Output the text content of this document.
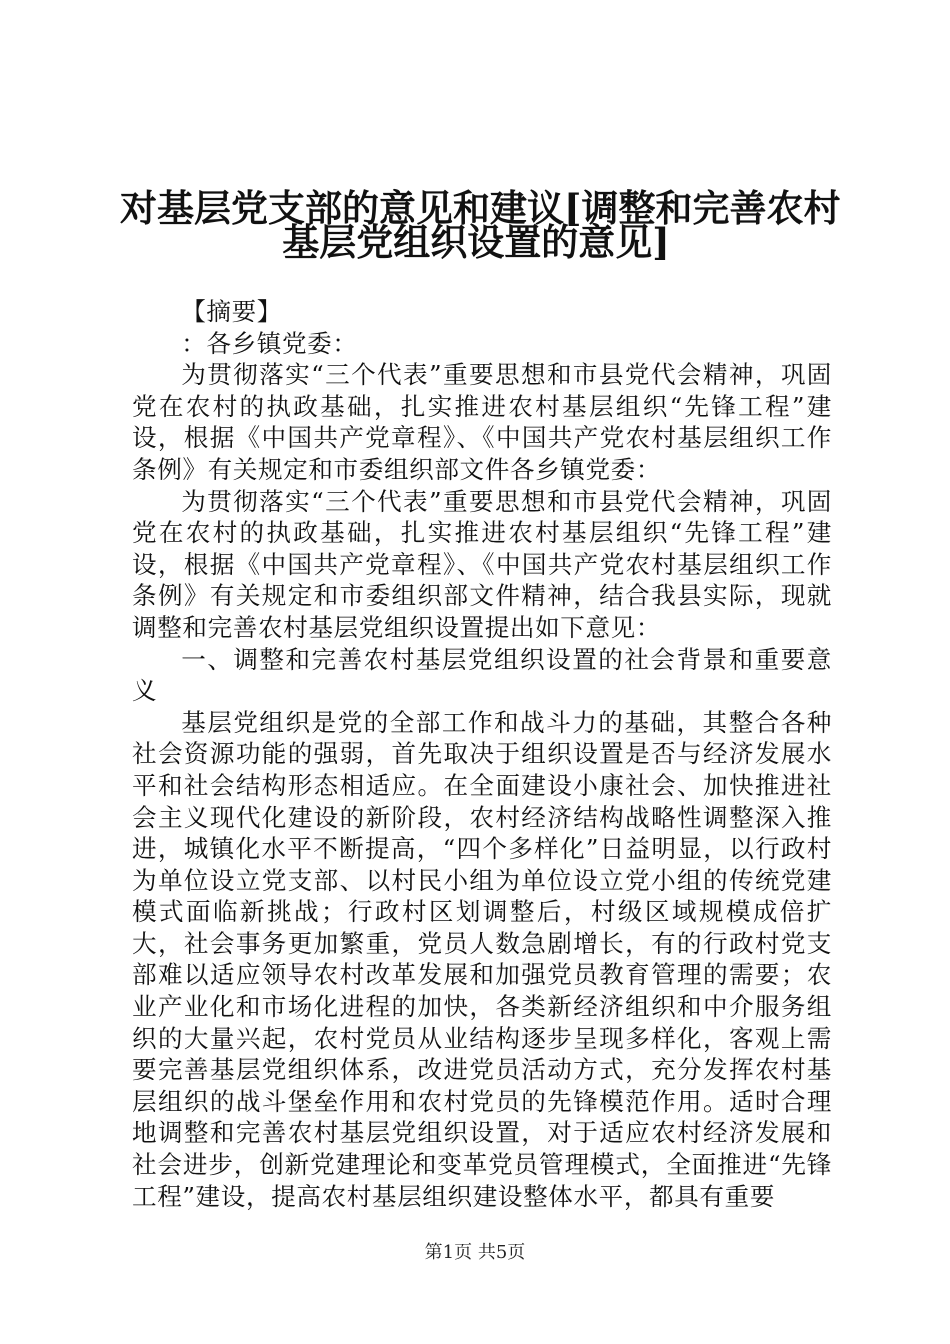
对基层党支部的意见和建议[调整和完善农村
基层党组织设置的意见]

【摘要】

：各乡镇党委：

为贯彻落实“三个代表”重要思想和市县党代会精神，巩固党在农村的执政基础，扎实推进农村基层组织“先锋工程”建设，根据《中国共产党章程》、《中国共产党农村基层组织工作条例》有关规定和市委组织部文件各乡镇党委：

为贯彻落实“三个代表”重要思想和市县党代会精神，巩固党在农村的执政基础，扎实推进农村基层组织“先锋工程”建设，根据《中国共产党章程》、《中国共产党农村基层组织工作条例》有关规定和市委组织部文件精神，结合我县实际，现就调整和完善农村基层党组织设置提出如下意见：

一、调整和完善农村基层党组织设置的社会背景和重要意义

基层党组织是党的全部工作和战斗力的基础，其整合各种社会资源功能的强弱，首先取决于组织设置是否与经济发展水平和社会结构形态相适应。在全面建设小康社会、加快推进社会主义现代化建设的新阶段，农村经济结构战略性调整深入推进，城镇化水平不断提高，“四个多样化”日益明显，以行政村为单位设立党支部、以村民小组为单位设立党小组的传统党建模式面临新挑战；行政村区划调整后，村级区域规模成倍扩大，社会事务更加繁重，党员人数急剧增长，有的行政村党支部难以适应领导农村改革发展和加强党员教育管理的需要；农业产业化和市场化进程的加快，各类新经济组织和中介服务组织的大量兴起，农村党员从业结构逐步呈现多样化，客观上需要完善基层党组织体系，改进党员活动方式，充分发挥农村基层组织的战斗堡垒作用和农村党员的先锋模范作用。适时合理地调整和完善农村基层党组织设置，对于适应农村经济发展和社会进步，创新党建理论和变革党员管理模式，全面推进“先锋工程”建设，提高农村基层组织建设整体水平，都具有重要

第1页 共5页
